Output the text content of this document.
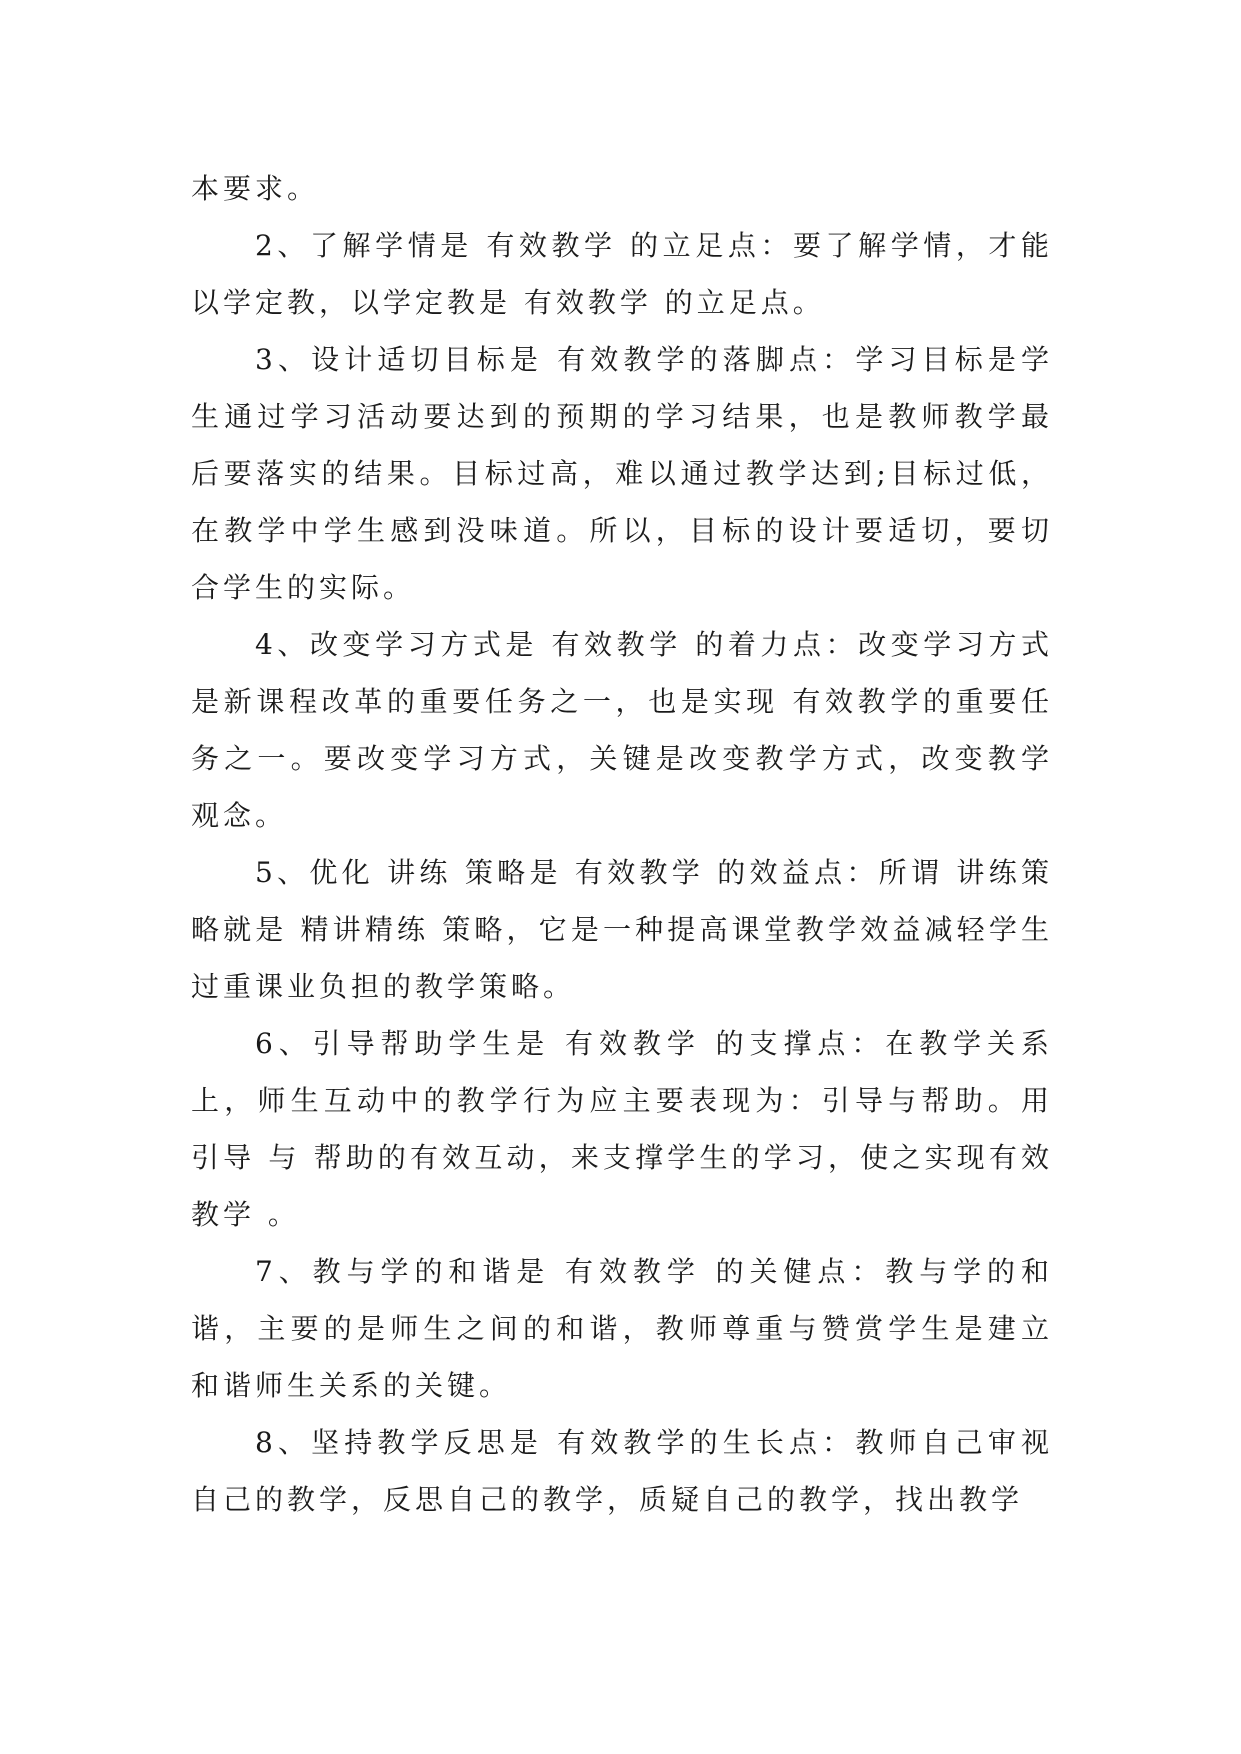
本要求。

2、了解学情是 有效教学 的立足点：要了解学情，才能以学定教，以学定教是 有效教学 的立足点。

3、设计适切目标是 有效教学的落脚点：学习目标是学生通过学习活动要达到的预期的学习结果，也是教师教学最后要落实的结果。目标过高，难以通过教学达到;目标过低，在教学中学生感到没味道。所以，目标的设计要适切，要切合学生的实际。

4、改变学习方式是 有效教学 的着力点：改变学习方式是新课程改革的重要任务之一，也是实现 有效教学的重要任务之一。要改变学习方式，关键是改变教学方式，改变教学观念。

5、优化 讲练 策略是 有效教学 的效益点：所谓 讲练策略就是 精讲精练 策略，它是一种提高课堂教学效益减轻学生过重课业负担的教学策略。

6、引导帮助学生是 有效教学 的支撑点：在教学关系上，师生互动中的教学行为应主要表现为：引导与帮助。用引导 与 帮助的有效互动，来支撑学生的学习，使之实现有效教学 。

7、教与学的和谐是 有效教学 的关健点：教与学的和谐，主要的是师生之间的和谐，教师尊重与赞赏学生是建立和谐师生关系的关键。

8、坚持教学反思是 有效教学的生长点：教师自己审视自己的教学，反思自己的教学，质疑自己的教学，找出教学
